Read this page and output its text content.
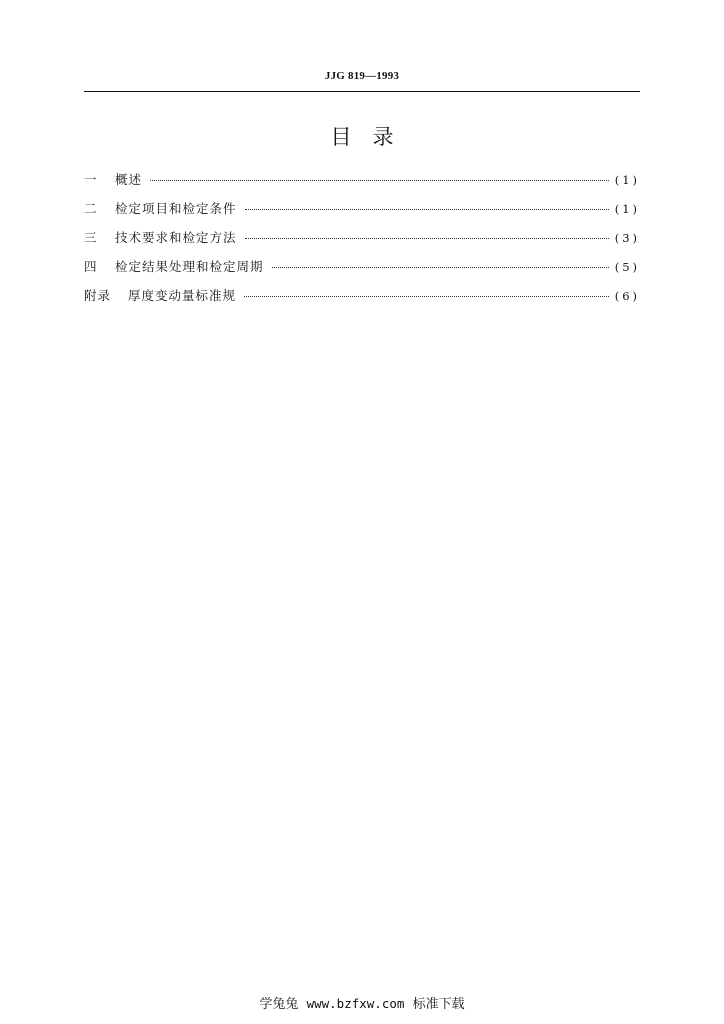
JJG 819—1993
目　录
一	概述	(1)
二	检定项目和检定条件	(1)
三	技术要求和检定方法	(3)
四	检定结果处理和检定周期	(5)
附录	厚度变动量标准规	(6)
学兔兔 www.bzfxw.com 标准下载
